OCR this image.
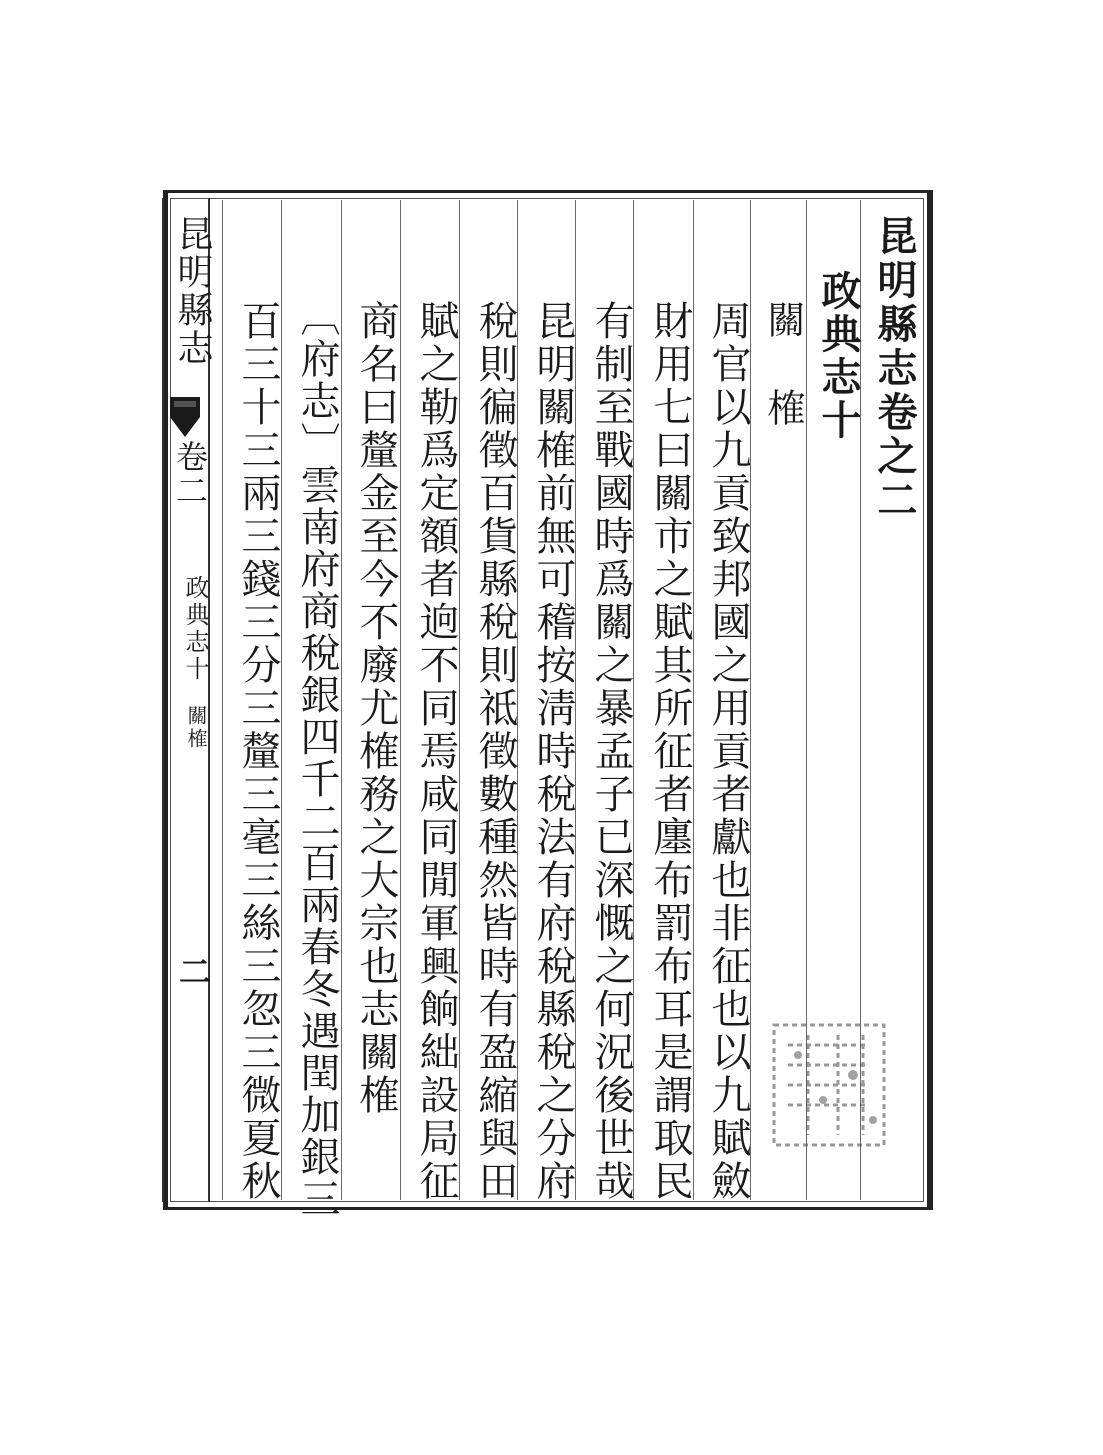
昆明縣志卷之二
政典志十
關 榷
周官以九貢致邦國之用貢者獻也非征也以九賦斂
財用七曰關市之賦其所征者廛布罰布耳是謂取民
有制至戰國時爲關之暴孟子已深慨之何況後世哉
昆明關榷前無可稽按淸時稅法有府稅縣稅之分府
稅則徧徵百貨縣稅則祗徵數種然皆時有盈縮與田
賦之勒爲定額者逈不同焉咸同閒軍興餉絀設局征
商名曰釐金至今不廢尤榷務之大宗也志關榷
〔府志〕雲南府商稅銀四千二百兩春冬遇閏加銀三
百三十三兩三錢三分三釐三毫三絲三忽三微夏秋
昆明縣志
卷二
政典志十
關榷
二
